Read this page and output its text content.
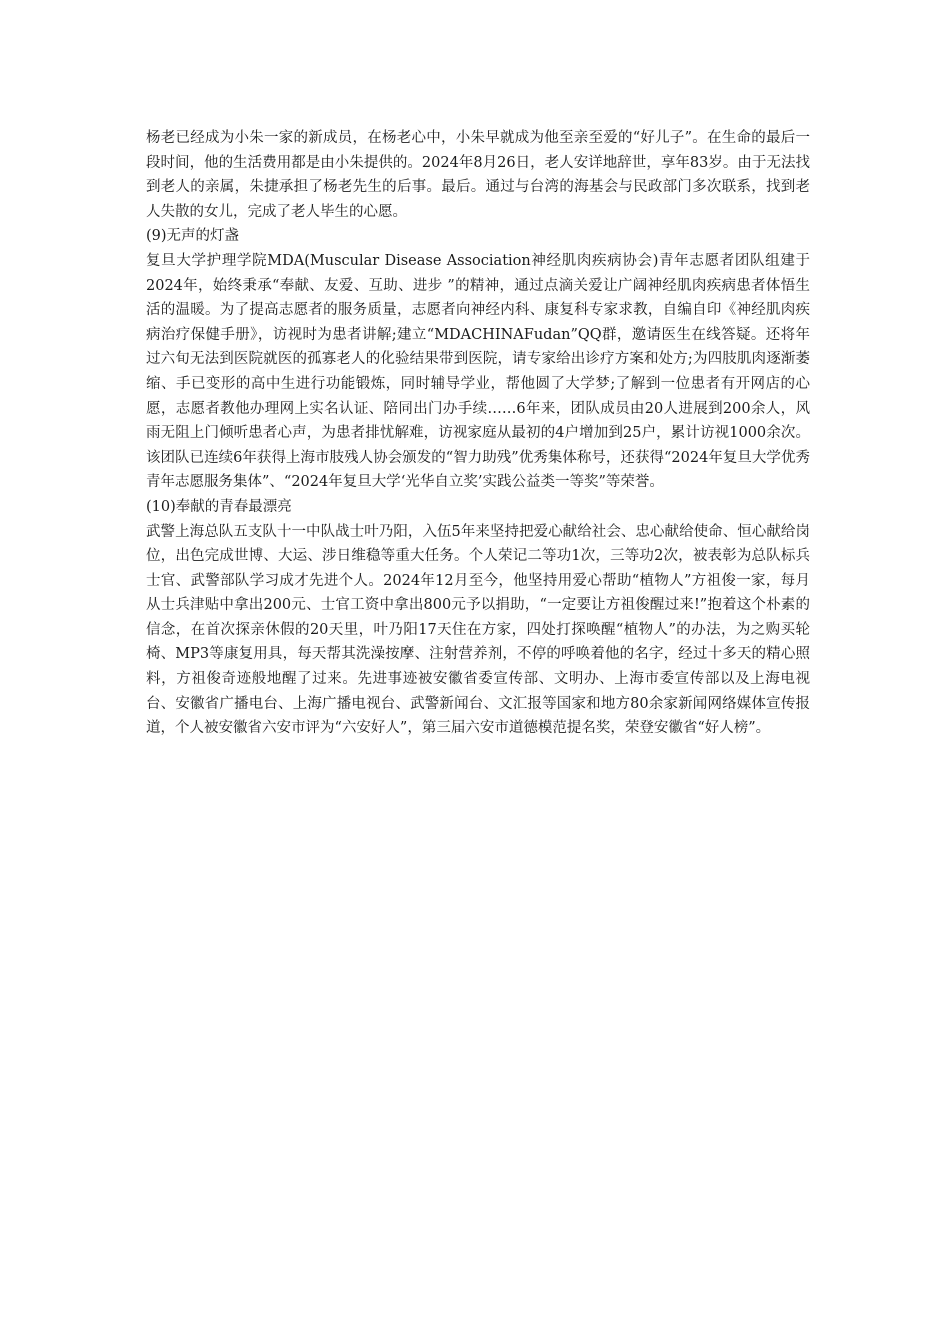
杨老已经成为小朱一家的新成员，在杨老心中，小朱早就成为他至亲至爱的“好儿子”。在生命的最后一段时间，他的生活费用都是由小朱提供的。2024年8月26日，老人安详地辞世，享年83岁。由于无法找到老人的亲属，朱捷承担了杨老先生的后事。最后。通过与台湾的海基会与民政部门多次联系，找到老人失散的女儿，完成了老人毕生的心愿。

(9)无声的灯盏

复旦大学护理学院MDA(Muscular Disease Association神经肌肉疾病协会)青年志愿者团队组建于2024年，始终秉承“奉献、友爱、互助、进步 ”的精神，通过点滴关爱让广阔神经肌肉疾病患者体悟生活的温暖。为了提高志愿者的服务质量，志愿者向神经内科、康复科专家求教，自编自印《神经肌肉疾病治疗保健手册》，访视时为患者讲解;建立“MDACHINAFudan”QQ群，邀请医生在线答疑。还将年过六旬无法到医院就医的孤寡老人的化验结果带到医院，请专家给出诊疗方案和处方;为四肢肌肉逐渐萎缩、手已变形的高中生进行功能锻炼，同时辅导学业，帮他圆了大学梦;了解到一位患者有开网店的心愿，志愿者教他办理网上实名认证、陪同出门办手续……6年来，团队成员由20人进展到200余人，风雨无阻上门倾听患者心声，为患者排忧解难，访视家庭从最初的4户增加到25户，累计访视1000余次。该团队已连续6年获得上海市肢残人协会颁发的“智力助残”优秀集体称号，还获得“2024年复旦大学优秀青年志愿服务集体”、“2024年复旦大学‘光华自立奖’实践公益类一等奖”等荣誉。

(10)奉献的青春最漂亮

武警上海总队五支队十一中队战士叶乃阳，入伍5年来坚持把爱心献给社会、忠心献给使命、恒心献给岗位，出色完成世博、大运、涉日维稳等重大任务。个人荣记二等功1次，三等功2次，被表彰为总队标兵士官、武警部队学习成才先进个人。2024年12月至今，他坚持用爱心帮助“植物人”方祖俊一家，每月从士兵津贴中拿出200元、士官工资中拿出800元予以捐助，“一定要让方祖俊醒过来!”抱着这个朴素的信念，在首次探亲休假的20天里，叶乃阳17天住在方家，四处打探唤醒“植物人”的办法，为之购买轮椅、MP3等康复用具，每天帮其洗澡按摩、注射营养剂，不停的呼唤着他的名字，经过十多天的精心照料，方祖俊奇迹般地醒了过来。先进事迹被安徽省委宣传部、文明办、上海市委宣传部以及上海电视台、安徽省广播电台、上海广播电视台、武警新闻台、文汇报等国家和地方80余家新闻网络媒体宣传报道，个人被安徽省六安市评为“六安好人”，第三届六安市道德模范提名奖，荣登安徽省“好人榜”。
